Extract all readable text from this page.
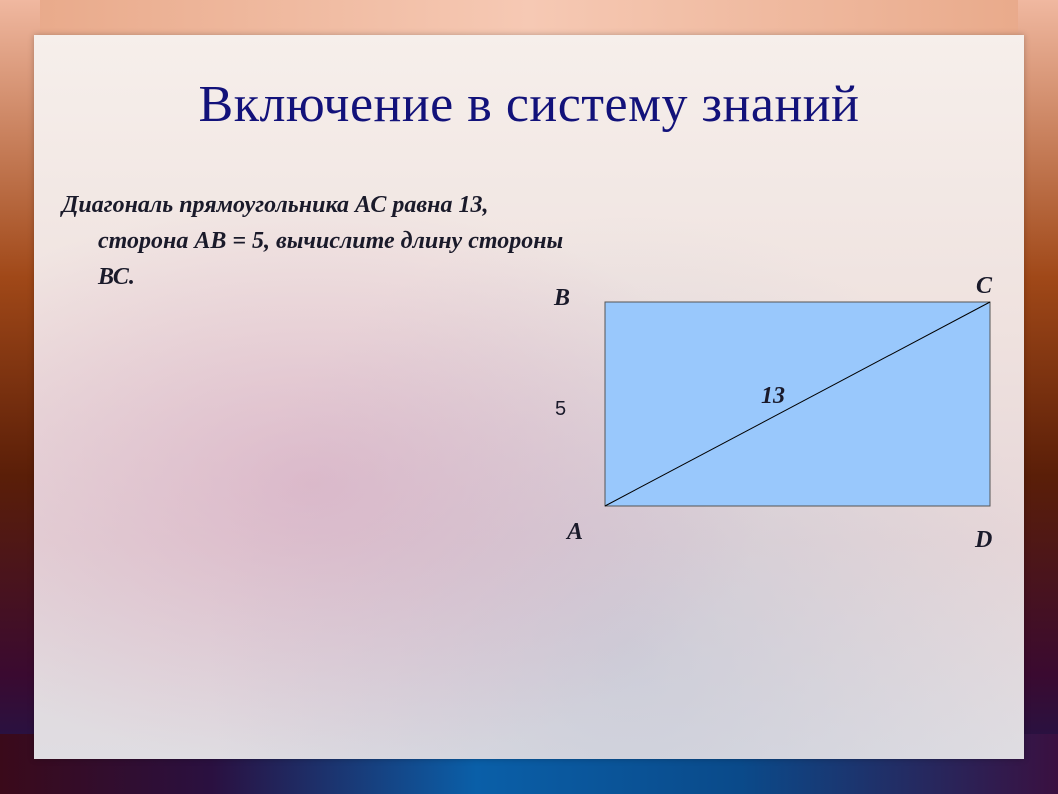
Включение в систему знаний
Диагональ прямоугольника АС равна 13, сторона АВ = 5, вычислите длину стороны ВС.
B	C
A	D
5	13
